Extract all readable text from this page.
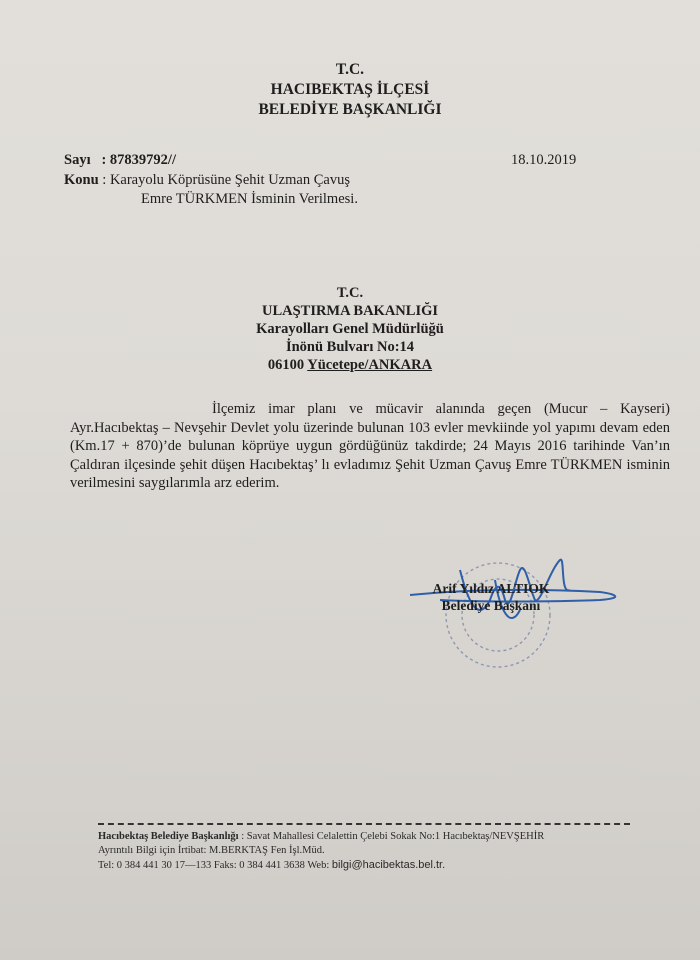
T.C.
HACIBEKTAŞ İLÇESİ
BELEDİYE BAŞKANLIĞI
Sayı : 87839792//	18.10.2019
Konu : Karayolu Köprüsüne Şehit Uzman Çavuş
Emre TÜRKMEN İsminin Verilmesi.
T.C.
ULAŞTIRMA BAKANLIĞI
Karayolları Genel Müdürlüğü
İnönü Bulvarı No:14
06100 Yücetepe/ANKARA
İlçemiz imar planı ve mücavir alanında geçen (Mucur – Kayseri) Ayr.Hacıbektaş – Nevşehir Devlet yolu üzerinde bulunan 103 evler mevkiinde yol yapımı devam eden (Km.17 + 870)’de bulunan köprüye uygun gördüğünüz takdirde; 24 Mayıs 2016 tarihinde Van’ın Çaldıran ilçesinde şehit düşen Hacıbektaş’ lı evladımız Şehit Uzman Çavuş Emre TÜRKMEN isminin verilmesini saygılarımla arz ederim.
Arif Yıldız ALTIOK
Belediye Başkanı
Hacıbektaş Belediye Başkanlığı : Savat Mahallesi Celalettin Çelebi Sokak No:1 Hacıbektaş/NEVŞEHİR
Ayrıntılı Bilgi için İrtibat: M.BERKTAŞ Fen İşl.Müd.
Tel: 0 384 441 30 17—133 Faks: 0 384 441 3638 Web: bilgi@hacibektas.bel.tr.
